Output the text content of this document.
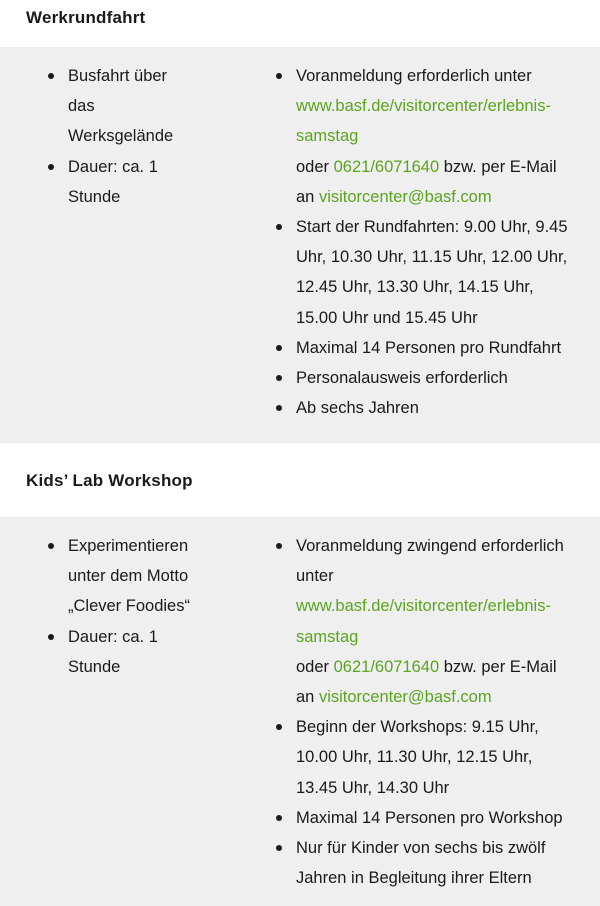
Werkrundfahrt
Busfahrt über das Werksgelände
Dauer: ca. 1 Stunde
Voranmeldung erforderlich unter
www.basf.de/visitorcenter/erlebnis-
samstag
oder 0621/6071640 bzw. per E-Mail
an visitorcenter@basf.com
Start der Rundfahrten: 9.00 Uhr, 9.45 Uhr, 10.30 Uhr, 11.15 Uhr, 12.00 Uhr, 12.45 Uhr, 13.30 Uhr, 14.15 Uhr, 15.00 Uhr und 15.45 Uhr
Maximal 14 Personen pro Rundfahrt
Personalausweis erforderlich
Ab sechs Jahren
Kids’ Lab Workshop
Experimentieren unter dem Motto „Clever Foodies“
Dauer: ca. 1 Stunde
Voranmeldung zwingend erforderlich unter
www.basf.de/visitorcenter/erlebnis-
samstag
oder 0621/6071640 bzw. per E-Mail
an visitorcenter@basf.com
Beginn der Workshops: 9.15 Uhr, 10.00 Uhr, 11.30 Uhr, 12.15 Uhr, 13.45 Uhr, 14.30 Uhr
Maximal 14 Personen pro Workshop
Nur für Kinder von sechs bis zwölf Jahren in Begleitung ihrer Eltern
